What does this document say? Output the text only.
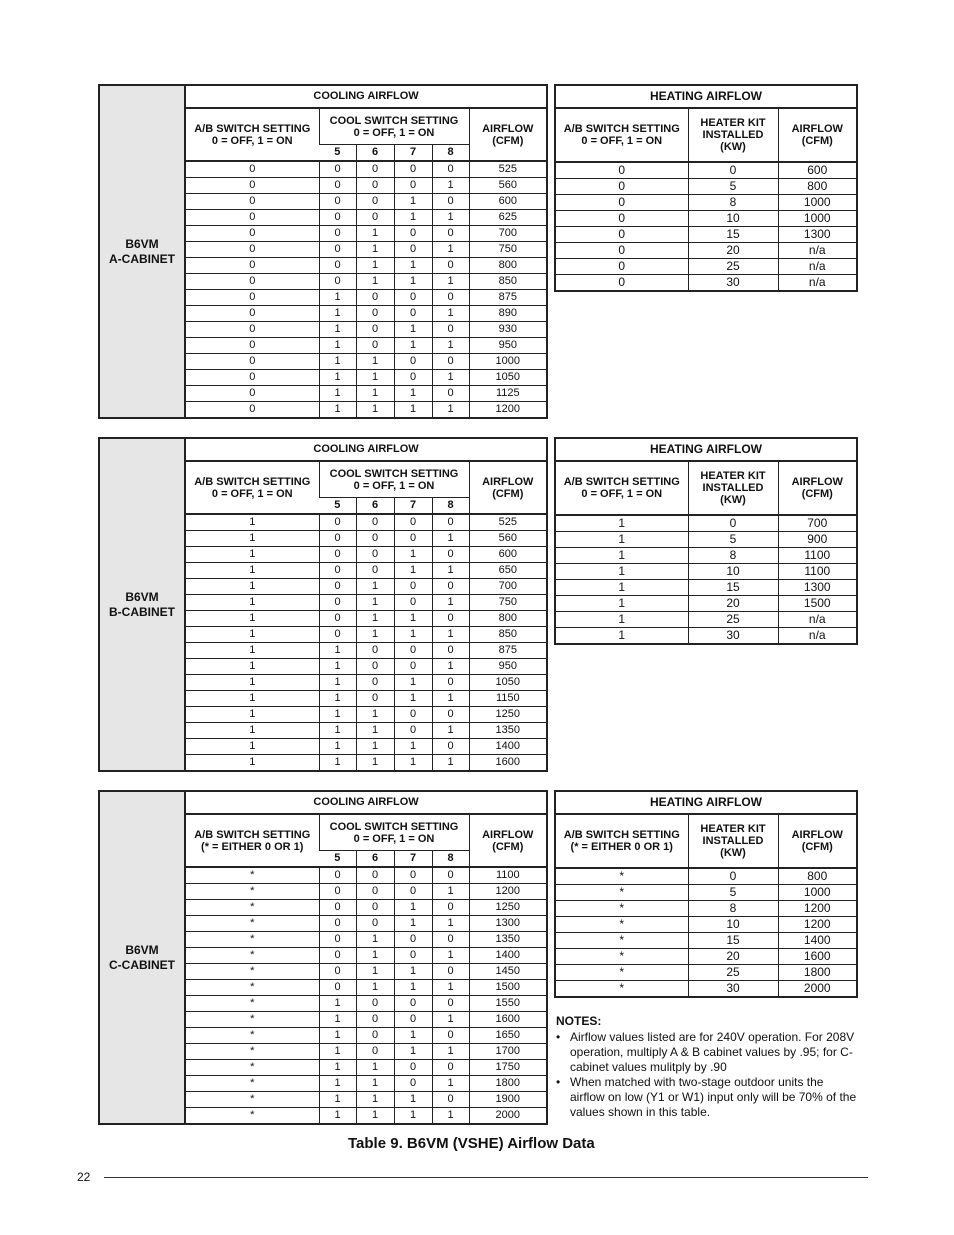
B6VM
A-CABINET
COOLING AIRFLOW					
A/B SWITCH SETTING
0 = OFF, 1 = ON	COOL SWITCH SETTING
0 = OFF, 1 = ON				AIRFLOW
(CFM)
	5	6	7	8	
0	0	0	0	0	525
0	0	0	0	1	560
0	0	0	1	0	600
0	0	0	1	1	625
0	0	1	0	0	700
0	0	1	0	1	750
0	0	1	1	0	800
0	0	1	1	1	850
0	1	0	0	0	875
0	1	0	0	1	890
0	1	0	1	0	930
0	1	0	1	1	950
0	1	1	0	0	1000
0	1	1	0	1	1050
0	1	1	1	0	1125
0	1	1	1	1	1200
HEATING AIRFLOW		
A/B SWITCH SETTING
0 = OFF, 1 = ON	HEATER KIT
INSTALLED (KW)	AIRFLOW
(CFM)
0	0	600
0	5	800
0	8	1000
0	10	1000
0	15	1300
0	20	n/a
0	25	n/a
0	30	n/a
B6VM
B-CABINET
COOLING AIRFLOW					
A/B SWITCH SETTING
0 = OFF, 1 = ON	COOL SWITCH SETTING
0 = OFF, 1 = ON				AIRFLOW
(CFM)
	5	6	7	8	
1	0	0	0	0	525
1	0	0	0	1	560
1	0	0	1	0	600
1	0	0	1	1	650
1	0	1	0	0	700
1	0	1	0	1	750
1	0	1	1	0	800
1	0	1	1	1	850
1	1	0	0	0	875
1	1	0	0	1	950
1	1	0	1	0	1050
1	1	0	1	1	1150
1	1	1	0	0	1250
1	1	1	0	1	1350
1	1	1	1	0	1400
1	1	1	1	1	1600
HEATING AIRFLOW		
A/B SWITCH SETTING
0 = OFF, 1 = ON	HEATER KIT
INSTALLED (KW)	AIRFLOW
(CFM)
1	0	700
1	5	900
1	8	1100
1	10	1100
1	15	1300
1	20	1500
1	25	n/a
1	30	n/a
B6VM
C-CABINET
COOLING AIRFLOW					
A/B SWITCH SETTING
(* = EITHER 0 OR 1)	COOL SWITCH SETTING
0 = OFF, 1 = ON				AIRFLOW
(CFM)
	5	6	7	8	
*	0	0	0	0	1100
*	0	0	0	1	1200
*	0	0	1	0	1250
*	0	0	1	1	1300
*	0	1	0	0	1350
*	0	1	0	1	1400
*	0	1	1	0	1450
*	0	1	1	1	1500
*	1	0	0	0	1550
*	1	0	0	1	1600
*	1	0	1	0	1650
*	1	0	1	1	1700
*	1	1	0	0	1750
*	1	1	0	1	1800
*	1	1	1	0	1900
*	1	1	1	1	2000
HEATING AIRFLOW		
A/B SWITCH SETTING
(* = EITHER 0 OR 1)	HEATER KIT
INSTALLED (KW)	AIRFLOW
(CFM)
*	0	800
*	5	1000
*	8	1200
*	10	1200
*	15	1400
*	20	1600
*	25	1800
*	30	2000
NOTES:
• Airflow values listed are for 240V operation. For 208V operation, multiply A & B cabinet values by .95; for C-cabinet values mulitply by .90
• When matched with two-stage outdoor units the airflow on low (Y1 or W1) input only will be 70% of the values shown in this table.
Table 9. B6VM (VSHE) Airflow Data
22
